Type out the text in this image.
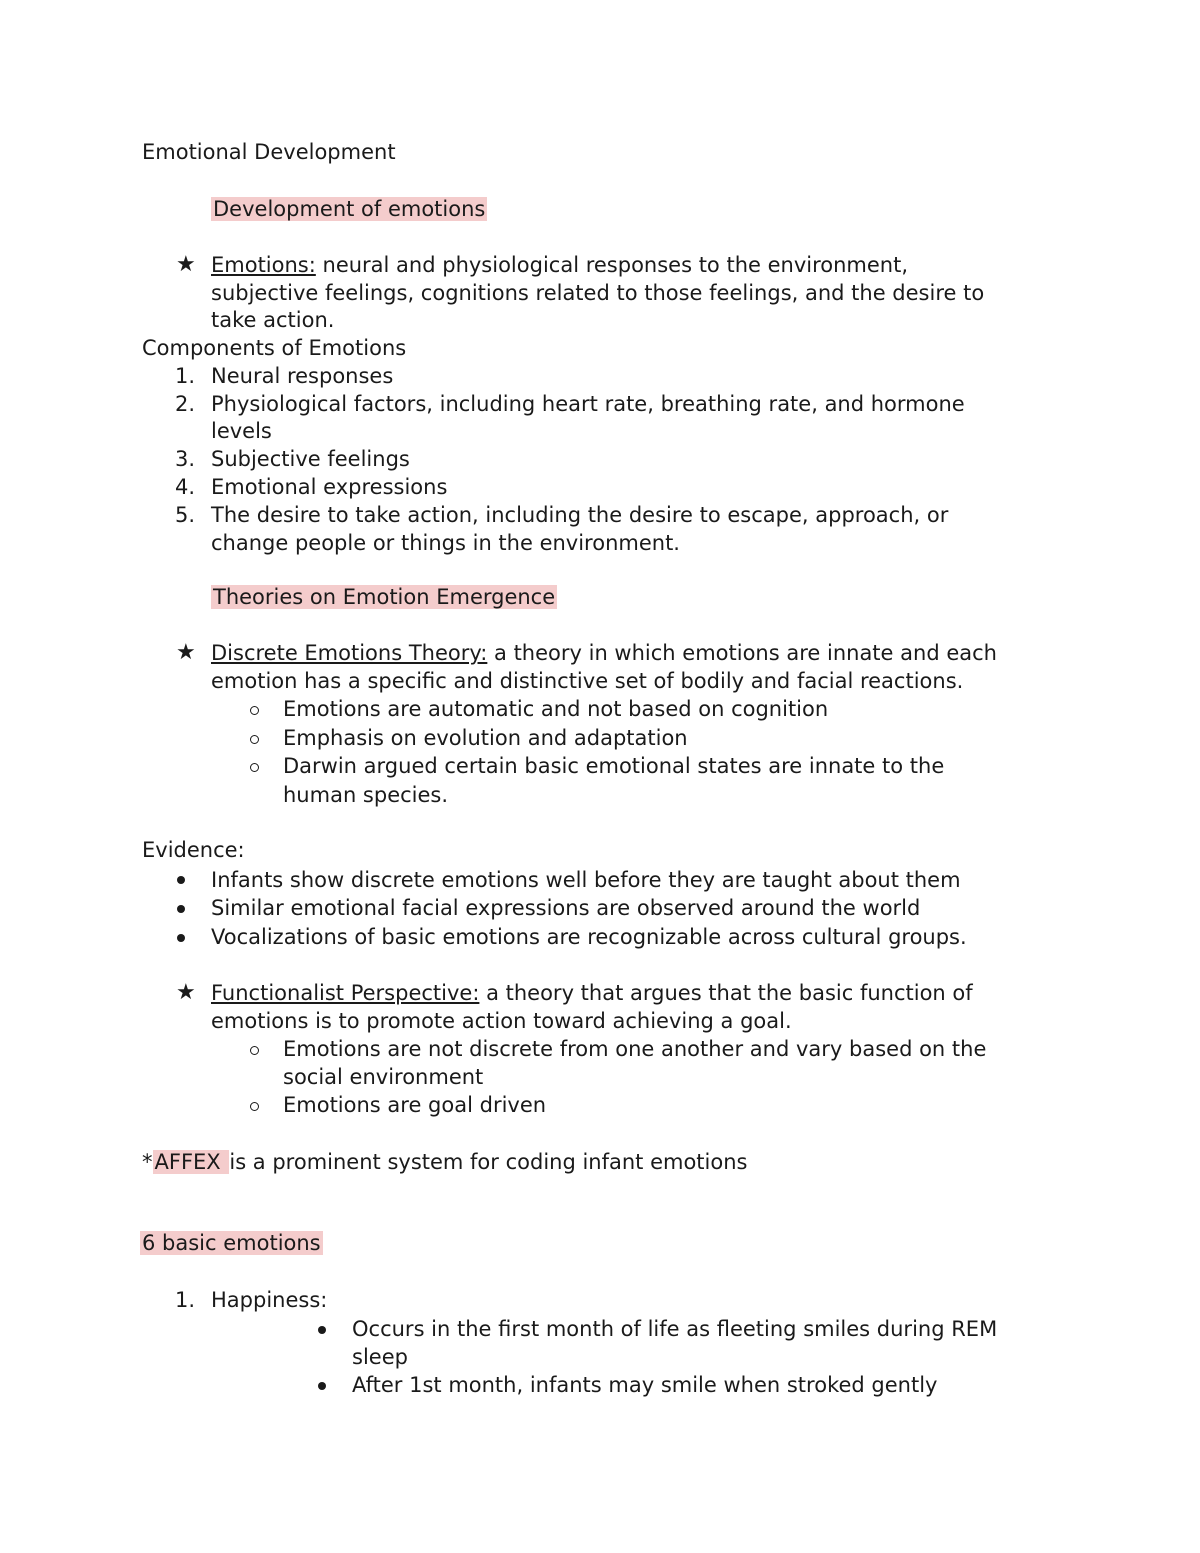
Emotional Development
Development of emotions
★ Emotions: neural and physiological responses to the environment,
subjective feelings, cognitions related to those feelings, and the desire to
take action.
Components of Emotions
1. Neural responses
2. Physiological factors, including heart rate, breathing rate, and hormone
levels
3. Subjective feelings
4. Emotional expressions
5. The desire to take action, including the desire to escape, approach, or
change people or things in the environment.
Theories on Emotion Emergence
★ Discrete Emotions Theory: a theory in which emotions are innate and each
emotion has a specific and distinctive set of bodily and facial reactions.
Emotions are automatic and not based on cognition
Emphasis on evolution and adaptation
Darwin argued certain basic emotional states are innate to the
human species.
Evidence:
Infants show discrete emotions well before they are taught about them
Similar emotional facial expressions are observed around the world
Vocalizations of basic emotions are recognizable across cultural groups.
★ Functionalist Perspective: a theory that argues that the basic function of
emotions is to promote action toward achieving a goal.
Emotions are not discrete from one another and vary based on the
social environment
Emotions are goal driven
*AFFEX is a prominent system for coding infant emotions
6 basic emotions
1. Happiness:
Occurs in the first month of life as fleeting smiles during REM
sleep
After 1st month, infants may smile when stroked gently
